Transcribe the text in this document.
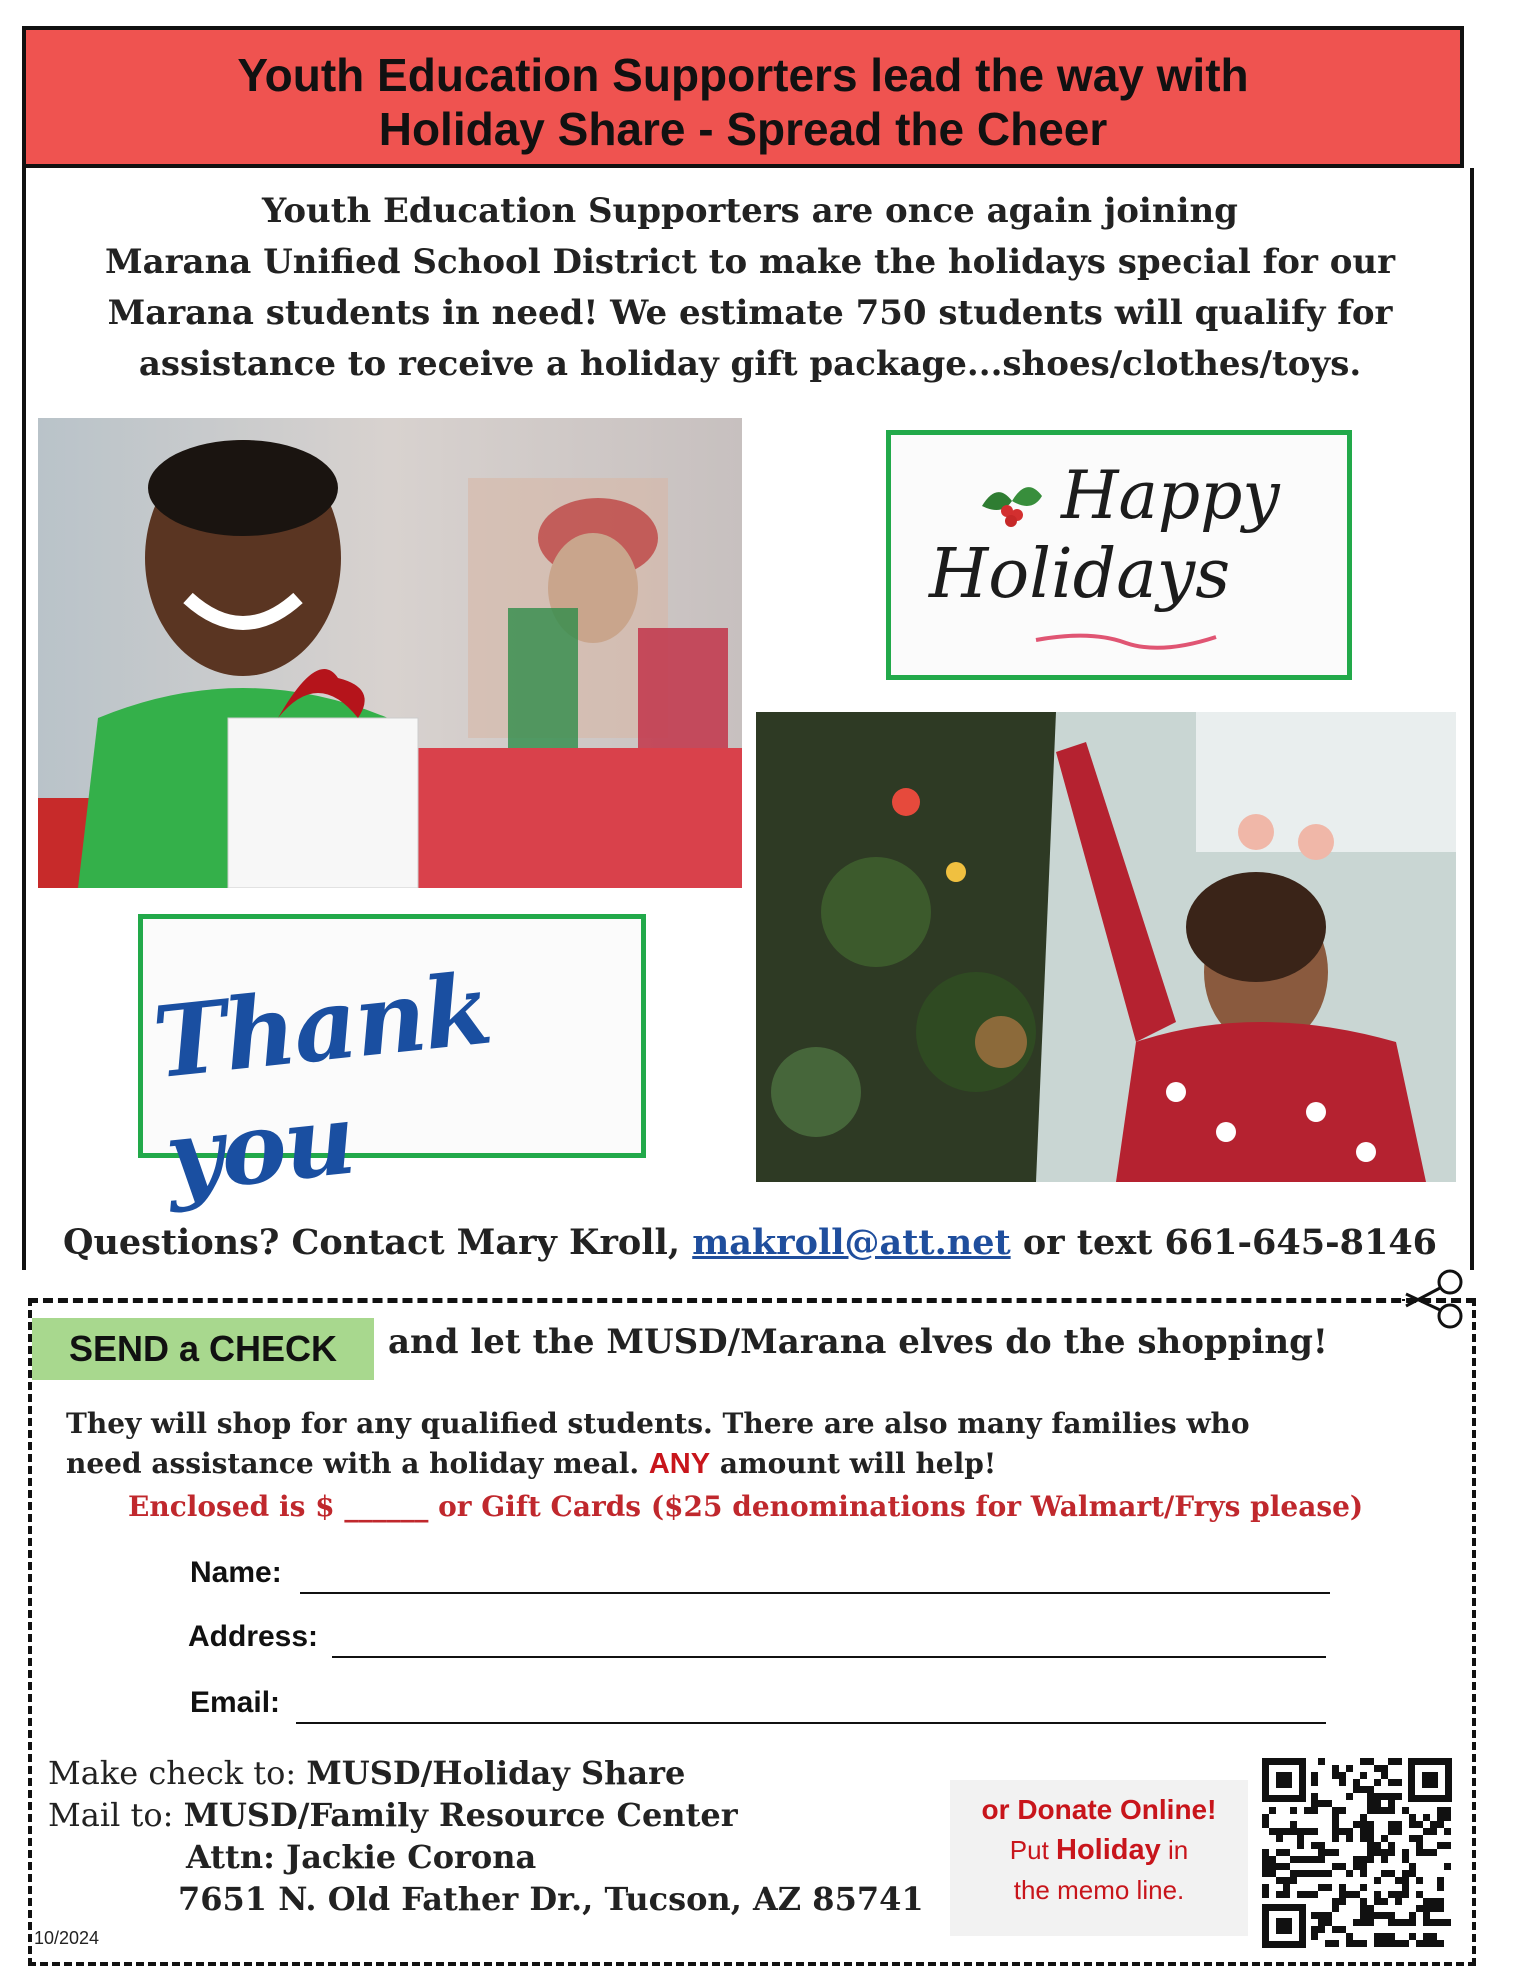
Youth Education Supporters lead the way with
Holiday Share - Spread the Cheer
Youth Education Supporters are once again joining
Marana Unified School District to make the holidays special for our
Marana students in need! We estimate 750 students will qualify for
assistance to receive a holiday gift package...shoes/clothes/toys.
Happy
Holidays
Thank you
Questions? Contact Mary Kroll, makroll@att.net or text 661-645-8146
SEND a CHECK	and let the MUSD/Marana elves do the shopping!
They will shop for any qualified students. There are also many families who
need assistance with a holiday meal. ANY amount will help!
Enclosed is $ ______ or Gift Cards ($25 denominations for Walmart/Frys please)
Name:
Address:
Email:
Make check to: MUSD/Holiday Share
Mail to: MUSD/Family Resource Center
Attn: Jackie Corona
7651 N. Old Father Dr., Tucson, AZ 85741
or Donate Online!
Put Holiday in
the memo line.
10/2024
